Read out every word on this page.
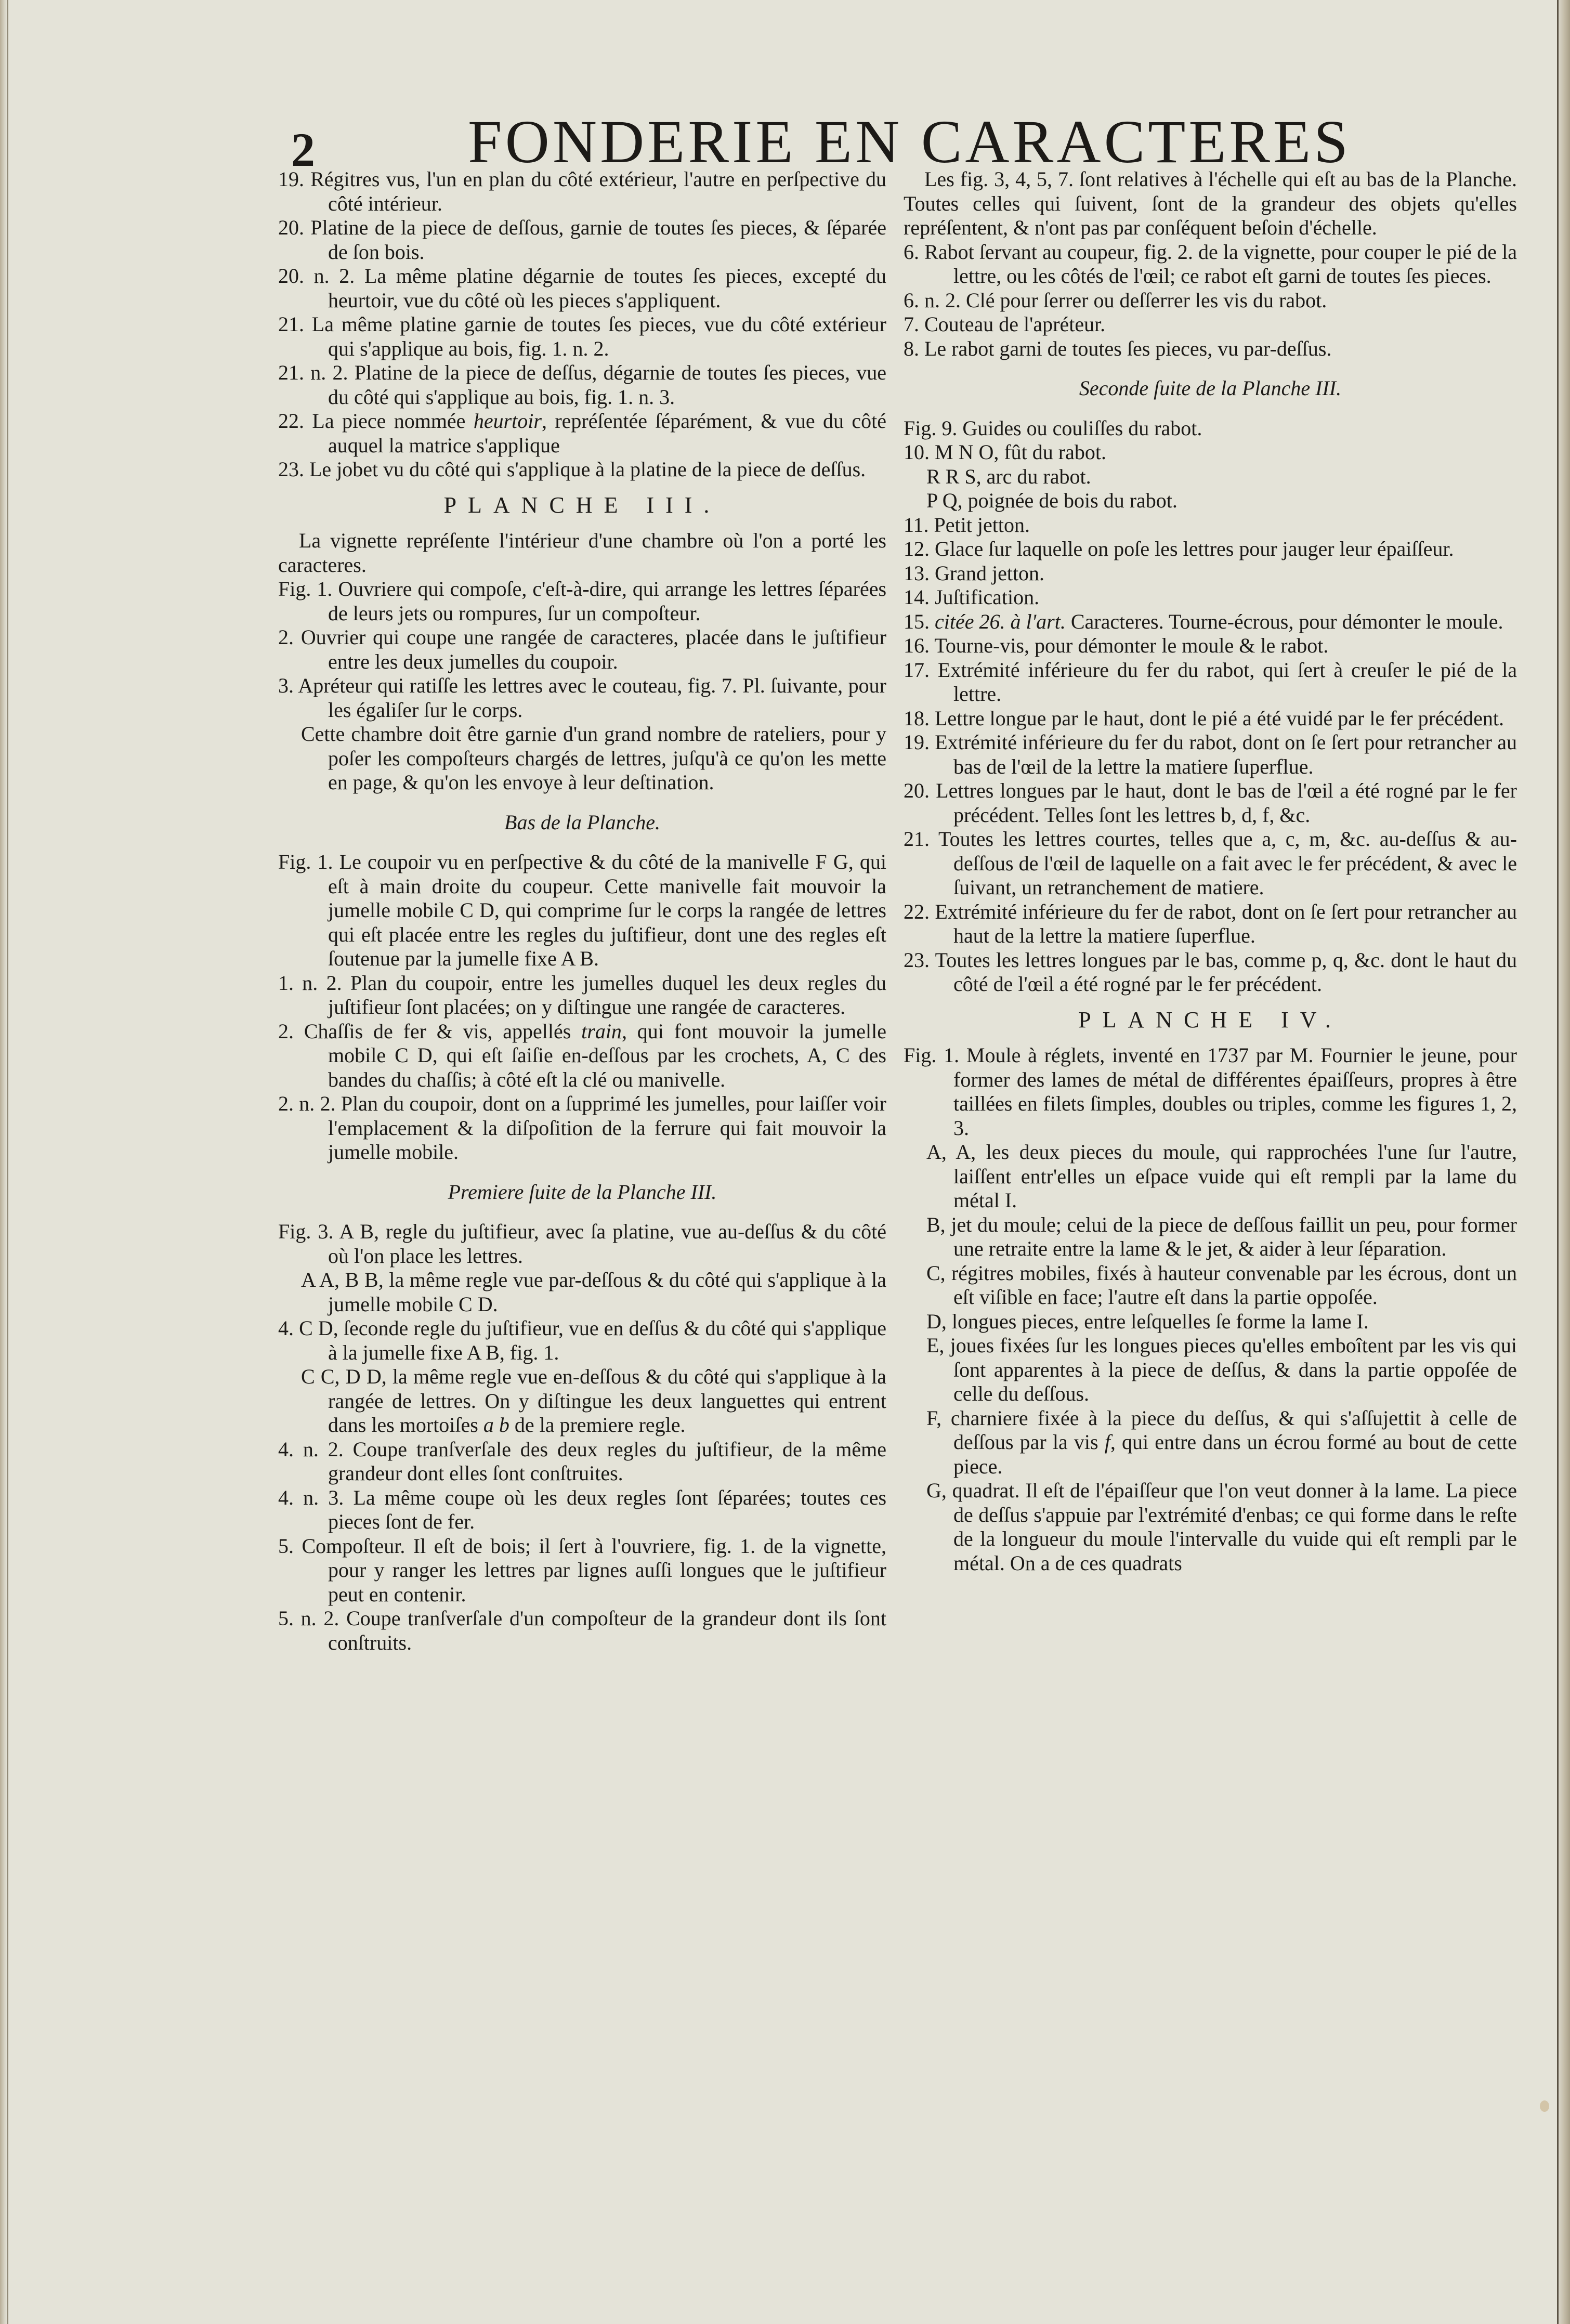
2 FONDERIE EN CARACTERES

19. Régitres vus, l'un en plan du côté extérieur, l'autre en perſpective du côté intérieur.

20. Platine de la piece de deſſous, garnie de toutes ſes pieces, & ſéparée de ſon bois.

20. n. 2. La même platine dégarnie de toutes ſes pieces, excepté du heurtoir, vue du côté où les pieces s'appliquent.

21. La même platine garnie de toutes ſes pieces, vue du côté extérieur qui s'applique au bois, fig. 1. n. 2.

21. n. 2. Platine de la piece de deſſus, dégarnie de toutes ſes pieces, vue du côté qui s'applique au bois, fig. 1. n. 3.

22. La piece nommée heurtoir, repréſentée ſéparément, & vue du côté auquel la matrice s'applique

23. Le jobet vu du côté qui s'applique à la platine de la piece de deſſus.

PLANCHE III.

La vignette repréſente l'intérieur d'une chambre où l'on a porté les caracteres.

Fig. 1. Ouvriere qui compoſe, c'eſt-à-dire, qui arrange les lettres ſéparées de leurs jets ou rompures, ſur un compoſteur.

2. Ouvrier qui coupe une rangée de caracteres, placée dans le juſtifieur entre les deux jumelles du coupoir.

3. Apréteur qui ratiſſe les lettres avec le couteau, fig. 7. Pl. ſuivante, pour les égaliſer ſur le corps.

Cette chambre doit être garnie d'un grand nombre de rateliers, pour y poſer les compoſteurs chargés de lettres, juſqu'à ce qu'on les mette en page, & qu'on les envoye à leur deſtination.

Bas de la Planche.

Fig. 1. Le coupoir vu en perſpective & du côté de la manivelle F G, qui eſt à main droite du coupeur. Cette manivelle fait mouvoir la jumelle mobile C D, qui comprime ſur le corps la rangée de lettres qui eſt placée entre les regles du juſtifieur, dont une des regles eſt ſoutenue par la jumelle fixe A B.

1. n. 2. Plan du coupoir, entre les jumelles duquel les deux regles du juſtifieur ſont placées; on y diſtingue une rangée de caracteres.

2. Chaſſis de fer & vis, appellés train, qui font mouvoir la jumelle mobile C D, qui eſt ſaiſie en-deſſous par les crochets, A, C des bandes du chaſſis; à côté eſt la clé ou manivelle.

2. n. 2. Plan du coupoir, dont on a ſupprimé les jumelles, pour laiſſer voir l'emplacement & la diſpoſition de la ferrure qui fait mouvoir la jumelle mobile.

Premiere ſuite de la Planche III.

Fig. 3. A B, regle du juſtifieur, avec ſa platine, vue au-deſſus & du côté où l'on place les lettres.

A A, B B, la même regle vue par-deſſous & du côté qui s'applique à la jumelle mobile C D.

4. C D, ſeconde regle du juſtifieur, vue en deſſus & du côté qui s'applique à la jumelle fixe A B, fig. 1.

C C, D D, la même regle vue en-deſſous & du côté qui s'applique à la rangée de lettres. On y diſtingue les deux languettes qui entrent dans les mortoiſes a b de la premiere regle.

4. n. 2. Coupe tranſverſale des deux regles du juſtifieur, de la même grandeur dont elles ſont conſtruites.

4. n. 3. La même coupe où les deux regles ſont ſéparées; toutes ces pieces ſont de fer.

5. Compoſteur. Il eſt de bois; il ſert à l'ouvriere, fig. 1. de la vignette, pour y ranger les lettres par lignes auſſi longues que le juſtifieur peut en contenir.

5. n. 2. Coupe tranſverſale d'un compoſteur de la grandeur dont ils ſont conſtruits.

Les fig. 3, 4, 5, 7. ſont relatives à l'échelle qui eſt au bas de la Planche. Toutes celles qui ſuivent, ſont de la grandeur des objets qu'elles repréſentent, & n'ont pas par conſéquent beſoin d'échelle.

6. Rabot ſervant au coupeur, fig. 2. de la vignette, pour couper le pié de la lettre, ou les côtés de l'œil; ce rabot eſt garni de toutes ſes pieces.

6. n. 2. Clé pour ſerrer ou deſſerrer les vis du rabot.

7. Couteau de l'apréteur.

8. Le rabot garni de toutes ſes pieces, vu par-deſſus.

Seconde ſuite de la Planche III.

Fig. 9. Guides ou couliſſes du rabot.

10. M N O, fût du rabot.

R R S, arc du rabot.

P Q, poignée de bois du rabot.

11. Petit jetton.

12. Glace ſur laquelle on poſe les lettres pour jauger leur épaiſſeur.

13. Grand jetton.

14. Juſtification.

15. citée 26. à l'art. Caracteres. Tourne-écrous, pour démonter le moule.

16. Tourne-vis, pour démonter le moule & le rabot.

17. Extrémité inférieure du fer du rabot, qui ſert à creuſer le pié de la lettre.

18. Lettre longue par le haut, dont le pié a été vuidé par le fer précédent.

19. Extrémité inférieure du fer du rabot, dont on ſe ſert pour retrancher au bas de l'œil de la lettre la matiere ſuperflue.

20. Lettres longues par le haut, dont le bas de l'œil a été rogné par le fer précédent. Telles ſont les lettres b, d, f, &c.

21. Toutes les lettres courtes, telles que a, c, m, &c. au-deſſus & au-deſſous de l'œil de laquelle on a fait avec le fer précédent, & avec le ſuivant, un retranchement de matiere.

22. Extrémité inférieure du fer de rabot, dont on ſe ſert pour retrancher au haut de la lettre la matiere ſuperflue.

23. Toutes les lettres longues par le bas, comme p, q, &c. dont le haut du côté de l'œil a été rogné par le fer précédent.

PLANCHE IV.

Fig. 1. Moule à réglets, inventé en 1737 par M. Fournier le jeune, pour former des lames de métal de différentes épaiſſeurs, propres à être taillées en filets ſimples, doubles ou triples, comme les figures 1, 2, 3.

A, A, les deux pieces du moule, qui rapprochées l'une ſur l'autre, laiſſent entr'elles un eſpace vuide qui eſt rempli par la lame du métal I.

B, jet du moule; celui de la piece de deſſous faillit un peu, pour former une retraite entre la lame & le jet, & aider à leur ſéparation.

C, régitres mobiles, fixés à hauteur convenable par les écrous, dont un eſt viſible en face; l'autre eſt dans la partie oppoſée.

D, longues pieces, entre leſquelles ſe forme la lame I.

E, joues fixées ſur les longues pieces qu'elles emboîtent par les vis qui ſont apparentes à la piece de deſſus, & dans la partie oppoſée de celle du deſſous.

F, charniere fixée à la piece du deſſus, & qui s'aſſujettit à celle de deſſous par la vis f, qui entre dans un écrou formé au bout de cette piece.

G, quadrat. Il eſt de l'épaiſſeur que l'on veut donner à la lame. La piece de deſſus s'appuie par l'extrémité d'enbas; ce qui forme dans le reſte de la longueur du moule l'intervalle du vuide qui eſt rempli par le métal. On a de ces quadrats
